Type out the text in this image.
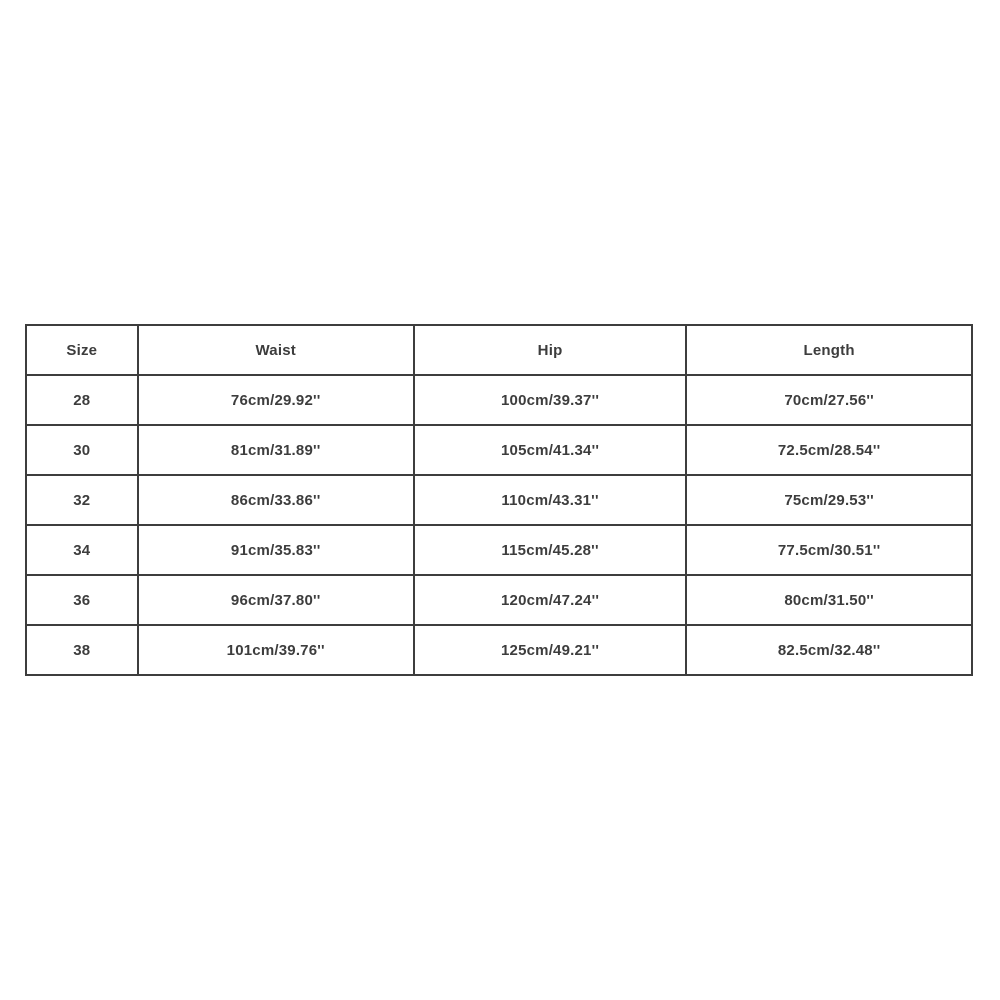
Size	Waist	Hip	Length
28	76cm/29.92''	100cm/39.37''	70cm/27.56''
30	81cm/31.89''	105cm/41.34''	72.5cm/28.54''
32	86cm/33.86''	110cm/43.31''	75cm/29.53''
34	91cm/35.83''	115cm/45.28''	77.5cm/30.51''
36	96cm/37.80''	120cm/47.24''	80cm/31.50''
38	101cm/39.76''	125cm/49.21''	82.5cm/32.48''
